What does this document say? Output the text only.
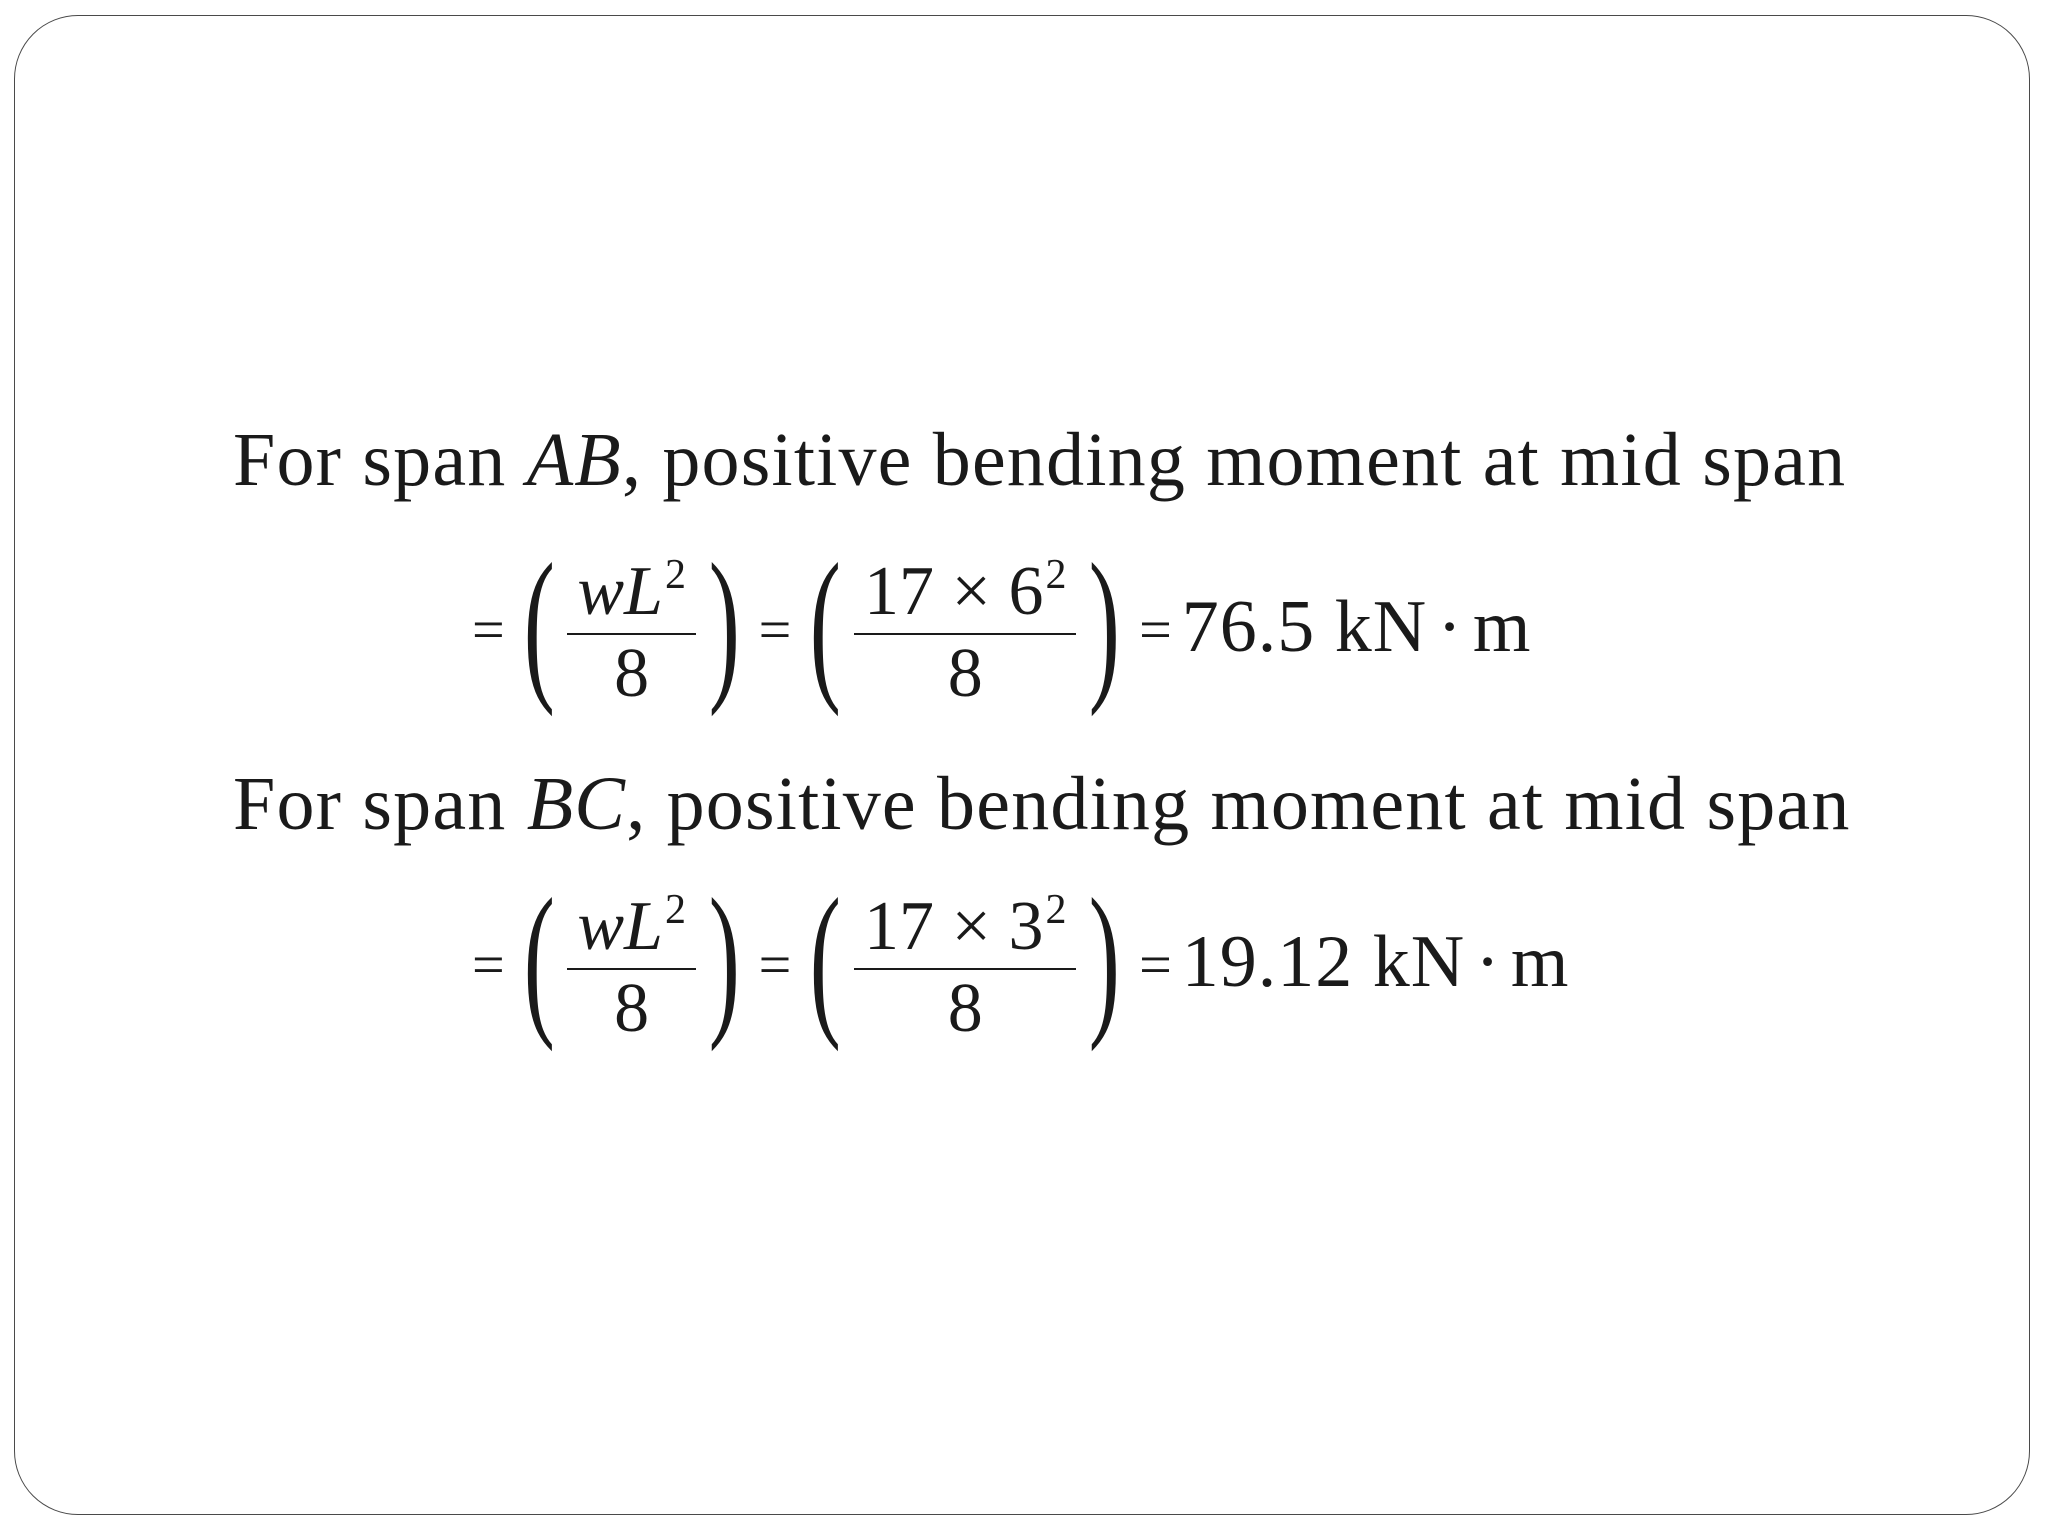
For span AB, positive bending moment at mid span
= ( $\frac{wL^2}{8}$ ) = ( $\frac{17 \times 6^2}{8}$ ) = 76.5 kN · m
For span BC, positive bending moment at mid span
= ( $\frac{wL^2}{8}$ ) = ( $\frac{17 \times 3^2}{8}$ ) = 19.12 kN · m
